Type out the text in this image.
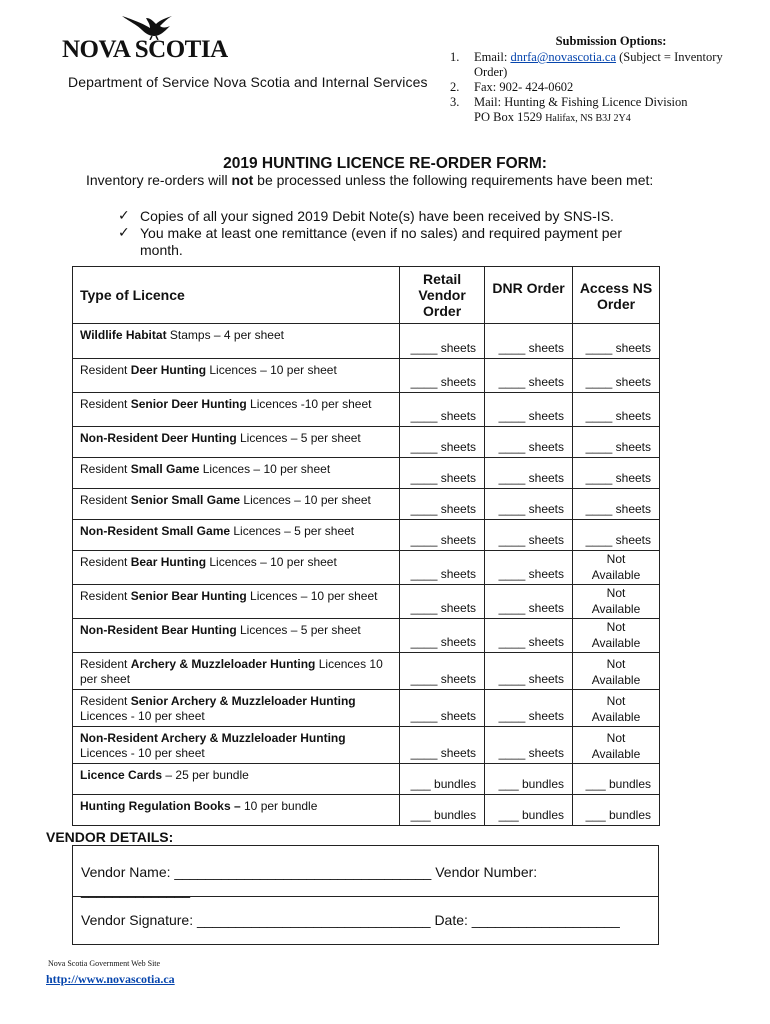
NOVA SCOTIA
Department of Service Nova Scotia and Internal Services
Submission Options:
1. Email: dnrfa@novascotia.ca (Subject = Inventory Order)
2. Fax: 902- 424-0602
3. Mail: Hunting & Fishing Licence Division
PO Box 1529 Halifax, NS B3J 2Y4
2019 HUNTING LICENCE RE-ORDER FORM:
Inventory re-orders will not be processed unless the following requirements have been met:
✓ Copies of all your signed 2019 Debit Note(s) have been received by SNS-IS.
✓ You make at least one remittance (even if no sales) and required payment per month.
Type of Licence	Retail Vendor Order	DNR Order	Access NS Order
Wildlife Habitat Stamps – 4 per sheet	____ sheets	____ sheets	____ sheets
Resident Deer Hunting Licences – 10 per sheet	____ sheets	____ sheets	____ sheets
Resident Senior Deer Hunting Licences -10 per sheet	____ sheets	____ sheets	____ sheets
Non-Resident Deer Hunting Licences – 5 per sheet	____ sheets	____ sheets	____ sheets
Resident Small Game Licences – 10 per sheet	____ sheets	____ sheets	____ sheets
Resident Senior Small Game Licences – 10 per sheet	____ sheets	____ sheets	____ sheets
Non-Resident Small Game Licences – 5 per sheet	____ sheets	____ sheets	____ sheets
Resident Bear Hunting Licences – 10 per sheet	____ sheets	____ sheets	Not
Available
Resident Senior Bear Hunting Licences – 10 per sheet	____ sheets	____ sheets	Not
Available
Non-Resident Bear Hunting Licences – 5 per sheet	____ sheets	____ sheets	Not
Available
Resident Archery & Muzzleloader Hunting Licences 10 per sheet	____ sheets	____ sheets	Not
Available
Resident Senior Archery & Muzzleloader Hunting Licences - 10 per sheet	____ sheets	____ sheets	Not
Available
Non-Resident Archery & Muzzleloader Hunting Licences - 10 per sheet	____ sheets	____ sheets	Not
Available
Licence Cards – 25 per bundle	___ bundles	___ bundles	___ bundles
Hunting Regulation Books – 10 per bundle	___ bundles	___ bundles	___ bundles
VENDOR DETAILS:
Vendor Name: _________________________________ Vendor Number:
______________
Vendor Signature: ______________________________ Date: ___________________
Nova Scotia Government Web Site
http://www.novascotia.ca
